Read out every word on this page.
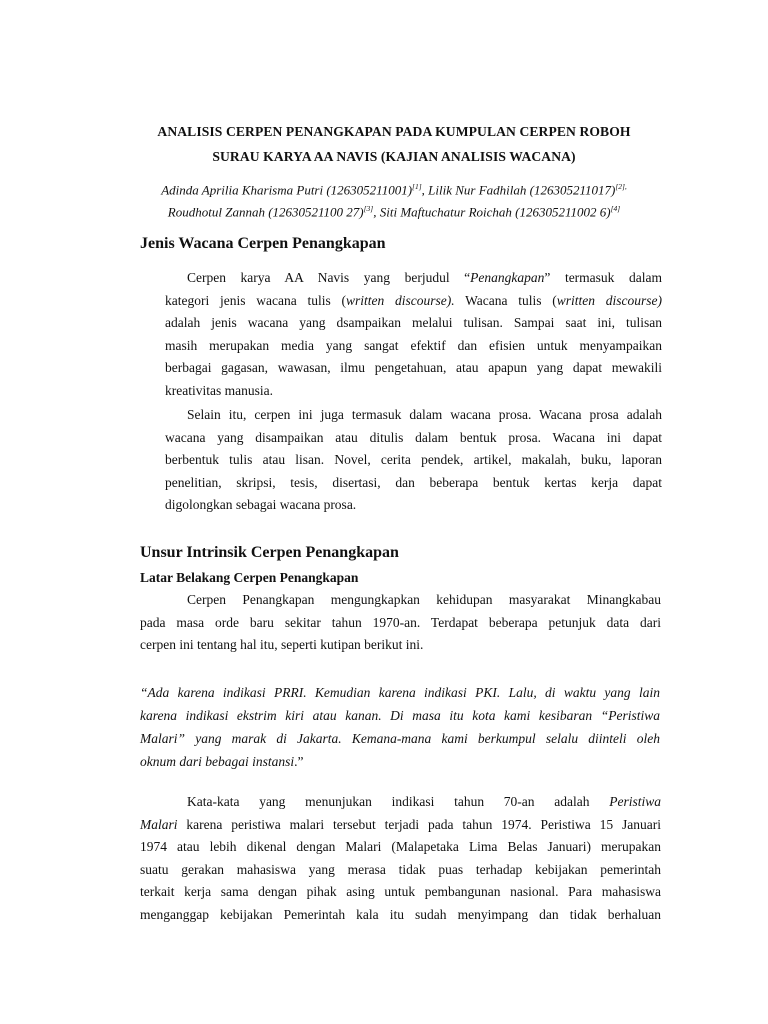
ANALISIS CERPEN PENANGKAPAN PADA KUMPULAN CERPEN ROBOH
SURAU KARYA AA NAVIS (KAJIAN ANALISIS WACANA)
Adinda Aprilia Kharisma Putri (126305211001)[1], Lilik Nur Fadhilah $(126305211017)^{[2],}$
Roudhotul Zannah (12630521100 27)[3], Siti Maftuchatur Roichah (126305211002 6)[4]
Jenis Wacana Cerpen Penangkapan
Cerpen karya AA Navis yang berjudul “Penangkapan” termasuk dalam
kategori jenis wacana tulis (written discourse). Wacana tulis (written discourse)
adalah jenis wacana yang dsampaikan melalui tulisan. Sampai saat ini, tulisan
masih merupakan media yang sangat efektif dan efisien untuk menyampaikan
berbagai gagasan, wawasan, ilmu pengetahuan, atau apapun yang dapat mewakili
kreativitas manusia.
Selain itu, cerpen ini juga termasuk dalam wacana prosa. Wacana prosa adalah
wacana yang disampaikan atau ditulis dalam bentuk prosa. Wacana ini dapat
berbentuk tulis atau lisan. Novel, cerita pendek, artikel, makalah, buku, laporan
penelitian, skripsi, tesis, disertasi, dan beberapa bentuk kertas kerja dapat
digolongkan sebagai wacana prosa.
Unsur Intrinsik Cerpen Penangkapan
Latar Belakang Cerpen Penangkapan
Cerpen Penangkapan mengungkapkan kehidupan masyarakat Minangkabau
pada masa orde baru sekitar tahun 1970-an. Terdapat beberapa petunjuk data dari
cerpen ini tentang hal itu, seperti kutipan berikut ini.
“Ada karena indikasi PRRI. Kemudian karena indikasi PKI. Lalu, di waktu yang lain
karena indikasi ekstrim kiri atau kanan. Di masa itu kota kami kesibaran “Peristiwa
Malari” yang marak di Jakarta. Kemana-mana kami berkumpul selalu diinteli oleh
oknum dari bebagai instansi.”
Kata-kata yang menunjukan indikasi tahun 70-an adalah Peristiwa
Malari karena peristiwa malari tersebut terjadi pada tahun 1974. Peristiwa 15 Januari
1974 atau lebih dikenal dengan Malari (Malapetaka Lima Belas Januari) merupakan
suatu gerakan mahasiswa yang merasa tidak puas terhadap kebijakan pemerintah
terkait kerja sama dengan pihak asing untuk pembangunan nasional. Para mahasiswa
menganggap kebijakan Pemerintah kala itu sudah menyimpang dan tidak berhaluan
